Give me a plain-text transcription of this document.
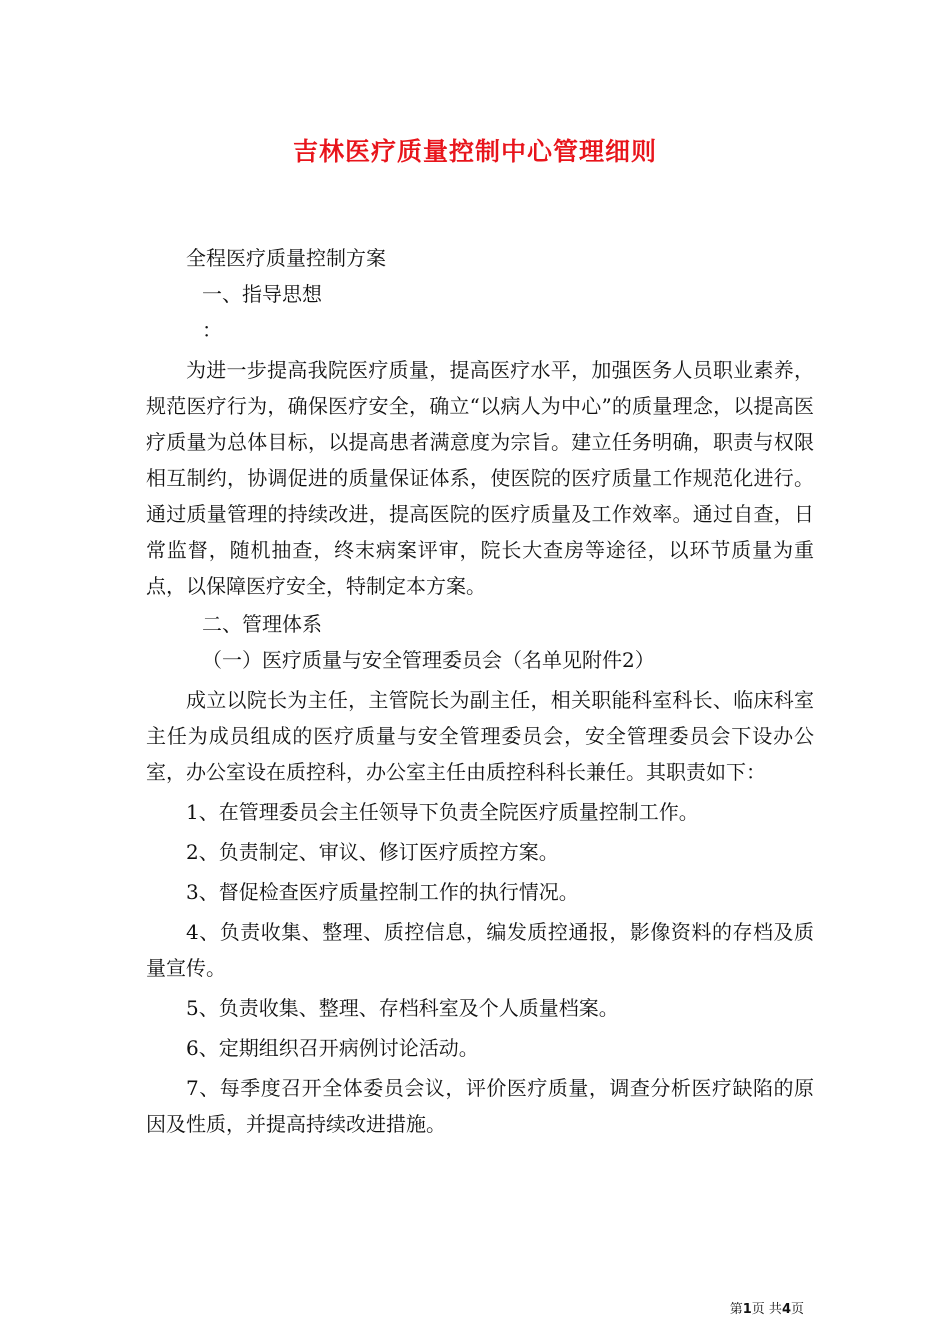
吉林医疗质量控制中心管理细则

全程医疗质量控制方案

一、指导思想

：

为进一步提高我院医疗质量，提高医疗水平，加强医务人员职业素养，规范医疗行为，确保医疗安全，确立“以病人为中心”的质量理念，以提高医疗质量为总体目标，以提高患者满意度为宗旨。建立任务明确，职责与权限相互制约，协调促进的质量保证体系，使医院的医疗质量工作规范化进行。通过质量管理的持续改进，提高医院的医疗质量及工作效率。通过自查，日常监督，随机抽查，终末病案评审，院长大查房等途径，以环节质量为重点，以保障医疗安全，特制定本方案。

二、管理体系

（一）医疗质量与安全管理委员会（名单见附件2）

成立以院长为主任，主管院长为副主任，相关职能科室科长、临床科室主任为成员组成的医疗质量与安全管理委员会，安全管理委员会下设办公室，办公室设在质控科，办公室主任由质控科科长兼任。其职责如下：

1、在管理委员会主任领导下负责全院医疗质量控制工作。

2、负责制定、审议、修订医疗质控方案。

3、督促检查医疗质量控制工作的执行情况。

4、负责收集、整理、质控信息，编发质控通报，影像资料的存档及质量宣传。

5、负责收集、整理、存档科室及个人质量档案。

6、定期组织召开病例讨论活动。

7、每季度召开全体委员会议，评价医疗质量，调查分析医疗缺陷的原因及性质，并提高持续改进措施。

第1页 共4页
